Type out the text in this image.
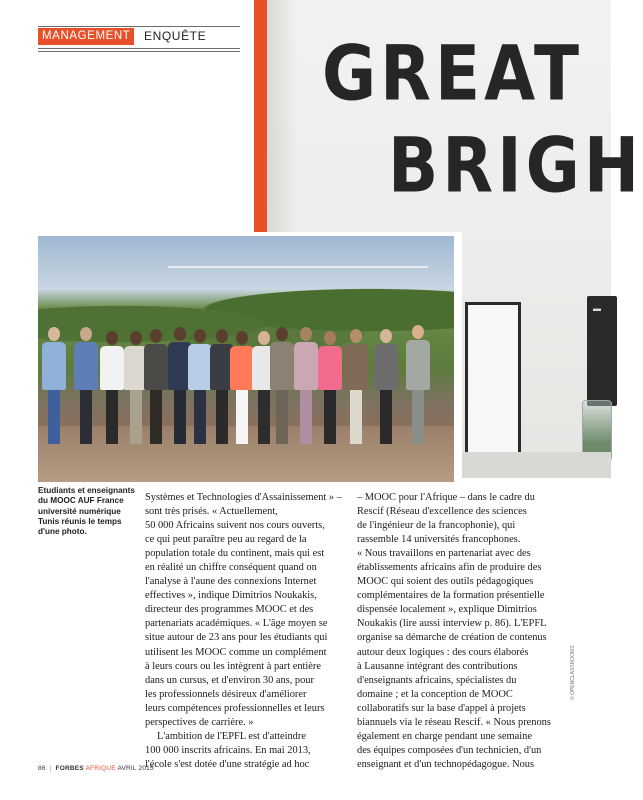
MANAGEMENT	ENQUÊTE GREAT
BRIGH
▬
Etudiants et enseignants
du MOOC AUF France
université numérique
Tunis réunis le temps
d'une photo.
Systèmes et Technologies d'Assainissement » –
sont très prisés. « Actuellement,
50 000 Africains suivent nos cours ouverts,
ce qui peut paraître peu au regard de la
population totale du continent, mais qui est
en réalité un chiffre conséquent quand on
l'analyse à l'aune des connexions Internet
effectives », indique Dimitrios Noukakis,
directeur des programmes MOOC et des
partenariats académiques. « L'âge moyen se
situe autour de 23 ans pour les étudiants qui
utilisent les MOOC comme un complément
à leurs cours ou les intègrent à part entière
dans un cursus, et d'environ 30 ans, pour
les professionnels désireux d'améliorer
leurs compétences professionnelles et leurs
perspectives de carrière. »
L'ambition de l'EPFL est d'atteindre
100 000 inscrits africains. En mai 2013,
l'école s'est dotée d'une stratégie ad hoc
– MOOC pour l'Afrique – dans le cadre du
Rescif (Réseau d'excellence des sciences
de l'ingénieur de la francophonie), qui
rassemble 14 universités francophones.
« Nous travaillons en partenariat avec des
établissements africains afin de produire des
MOOC qui soient des outils pédagogiques
complémentaires de la formation présentielle
dispensée localement », explique Dimitrios
Noukakis (lire aussi interview p. 86). L'EPFL
organise sa démarche de création de contenus
autour deux logiques : des cours élaborés
à Lausanne intégrant des contributions
d'enseignants africains, spécialistes du
domaine ; et la conception de MOOC
collaboratifs sur la base d'appel à projets
biannuels via le réseau Rescif. « Nous prenons
également en charge pendant une semaine
des équipes composées d'un technicien, d'un
enseignant et d'un technopédagogue. Nous
© OPENCLASSROOMS
86 | FORBES AFRIQUE AVRIL 2015
